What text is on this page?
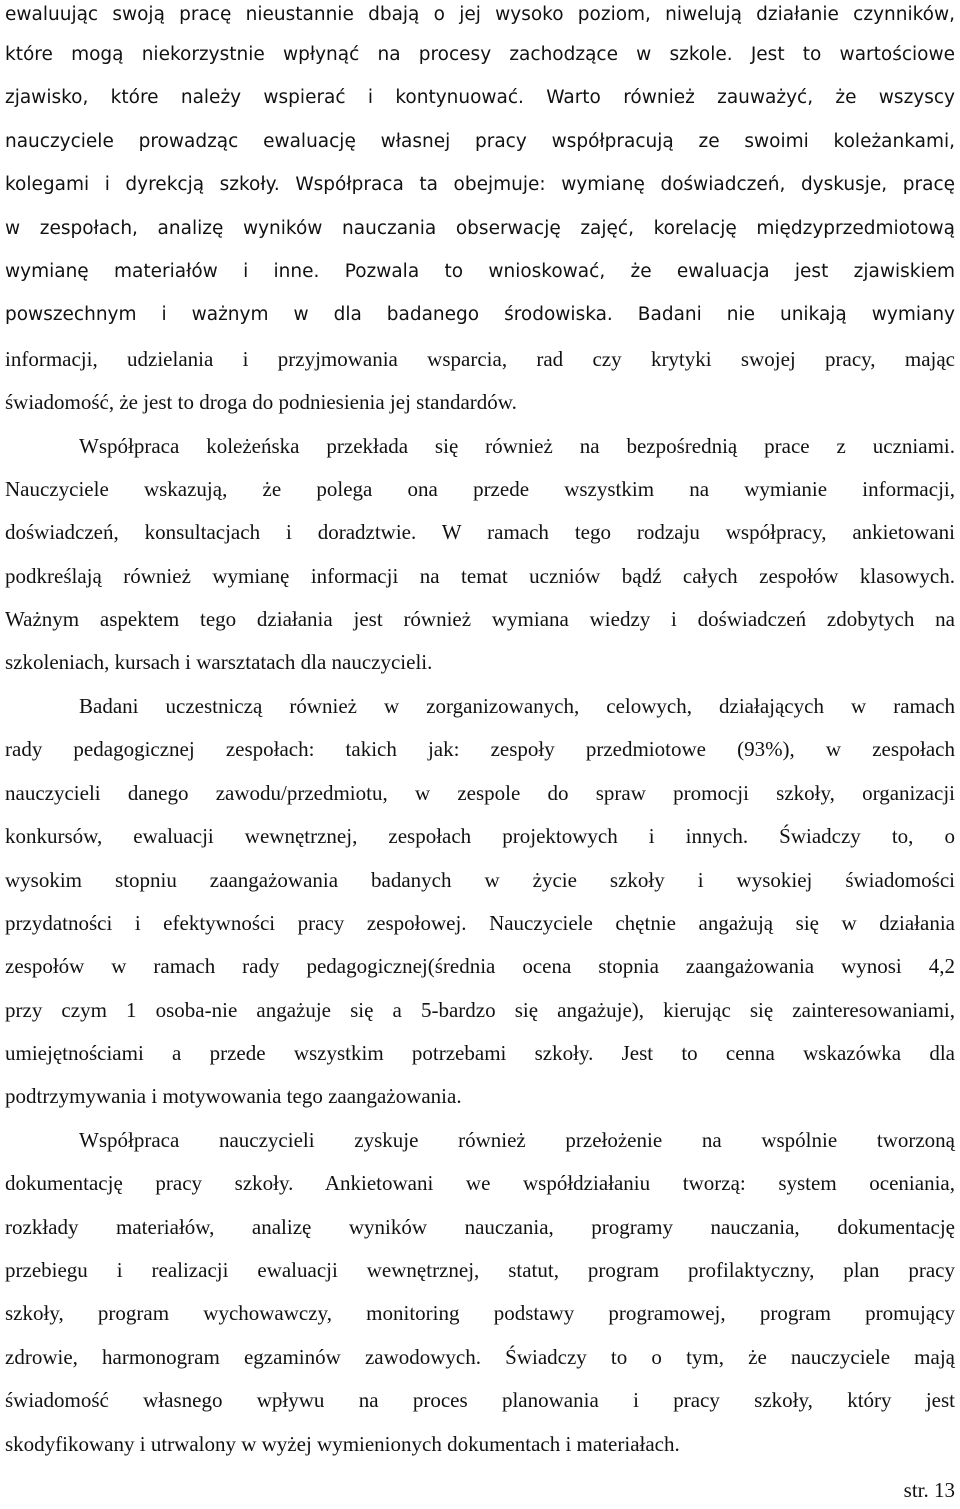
ewaluując swoją pracę nieustannie dbają o jej wysoko poziom, niwelują działanie czynników,
które mogą niekorzystnie wpłynąć na procesy zachodzące w szkole. Jest to wartościowe
zjawisko, które należy wspierać i kontynuować. Warto również zauważyć, że wszyscy
nauczyciele prowadząc ewaluację własnej pracy współpracują ze swoimi koleżankami,
kolegami i dyrekcją szkoły. Współpraca ta obejmuje: wymianę doświadczeń, dyskusje, pracę
w zespołach, analizę wyników nauczania obserwację zajęć, korelację międzyprzedmiotową
wymianę materiałów i inne. Pozwala to wnioskować, że ewaluacja jest zjawiskiem
powszechnym i ważnym w dla badanego środowiska. Badani nie unikają wymiany
informacji, udzielania i przyjmowania wsparcia, rad czy krytyki swojej pracy, mając
świadomość, że jest to droga do podniesienia jej standardów.
Współpraca koleżeńska przekłada się również na bezpośrednią prace z uczniami.
Nauczyciele wskazują, że polega ona przede wszystkim na wymianie informacji,
doświadczeń, konsultacjach i doradztwie. W ramach tego rodzaju współpracy, ankietowani
podkreślają również wymianę informacji na temat uczniów bądź całych zespołów klasowych.
Ważnym aspektem tego działania jest również wymiana wiedzy i doświadczeń zdobytych na
szkoleniach, kursach i warsztatach dla nauczycieli.
Badani uczestniczą również w zorganizowanych, celowych, działających w ramach
rady pedagogicznej zespołach: takich jak: zespoły przedmiotowe (93%), w zespołach
nauczycieli danego zawodu/przedmiotu, w zespole do spraw promocji szkoły, organizacji
konkursów, ewaluacji wewnętrznej, zespołach projektowych i innych. Świadczy to, o
wysokim stopniu zaangażowania badanych w życie szkoły i wysokiej świadomości
przydatności i efektywności pracy zespołowej. Nauczyciele chętnie angażują się w działania
zespołów w ramach rady pedagogicznej(średnia ocena stopnia zaangażowania wynosi 4,2
przy czym 1 osoba-nie angażuje się a 5-bardzo się angażuje), kierując się zainteresowaniami,
umiejętnościami a przede wszystkim potrzebami szkoły. Jest to cenna wskazówka dla
podtrzymywania i motywowania tego zaangażowania.
Współpraca nauczycieli zyskuje również przełożenie na wspólnie tworzoną
dokumentację pracy szkoły. Ankietowani we współdziałaniu tworzą: system oceniania,
rozkłady materiałów, analizę wyników nauczania, programy nauczania, dokumentację
przebiegu i realizacji ewaluacji wewnętrznej, statut, program profilaktyczny, plan pracy
szkoły, program wychowawczy, monitoring podstawy programowej, program promujący
zdrowie, harmonogram egzaminów zawodowych. Świadczy to o tym, że nauczyciele mają
świadomość własnego wpływu na proces planowania i pracy szkoły, który jest
skodyfikowany i utrwalony w wyżej wymienionych dokumentach i materiałach.
str. 13
